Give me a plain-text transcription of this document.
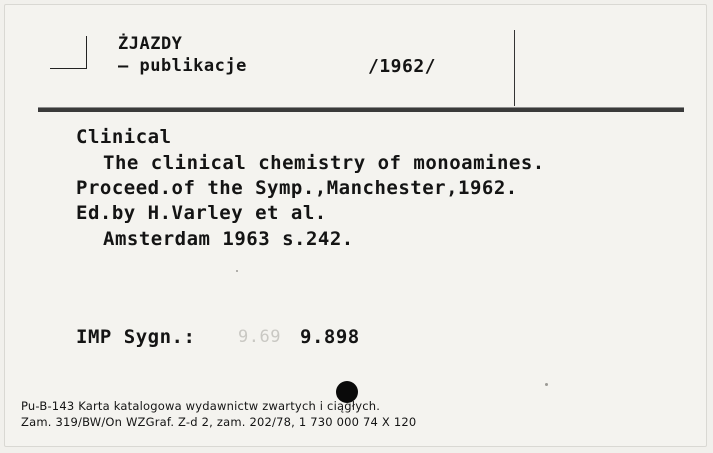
ŻJAZDY
– publikacje	/1962/
Clinical
The clinical chemistry of monoamines.
Proceed.of the Symp.,Manchester,1962.
Ed.by H.Varley et al.
Amsterdam 1963 s.242.
IMP Sygn.:	9.69 9.898
Pu-B-143 Karta katalogowa wydawnictw zwartych i ciągłych.
Zam. 319/BW/On WZGraf. Z-d 2, zam. 202/78, 1 730 000 74 X 120
